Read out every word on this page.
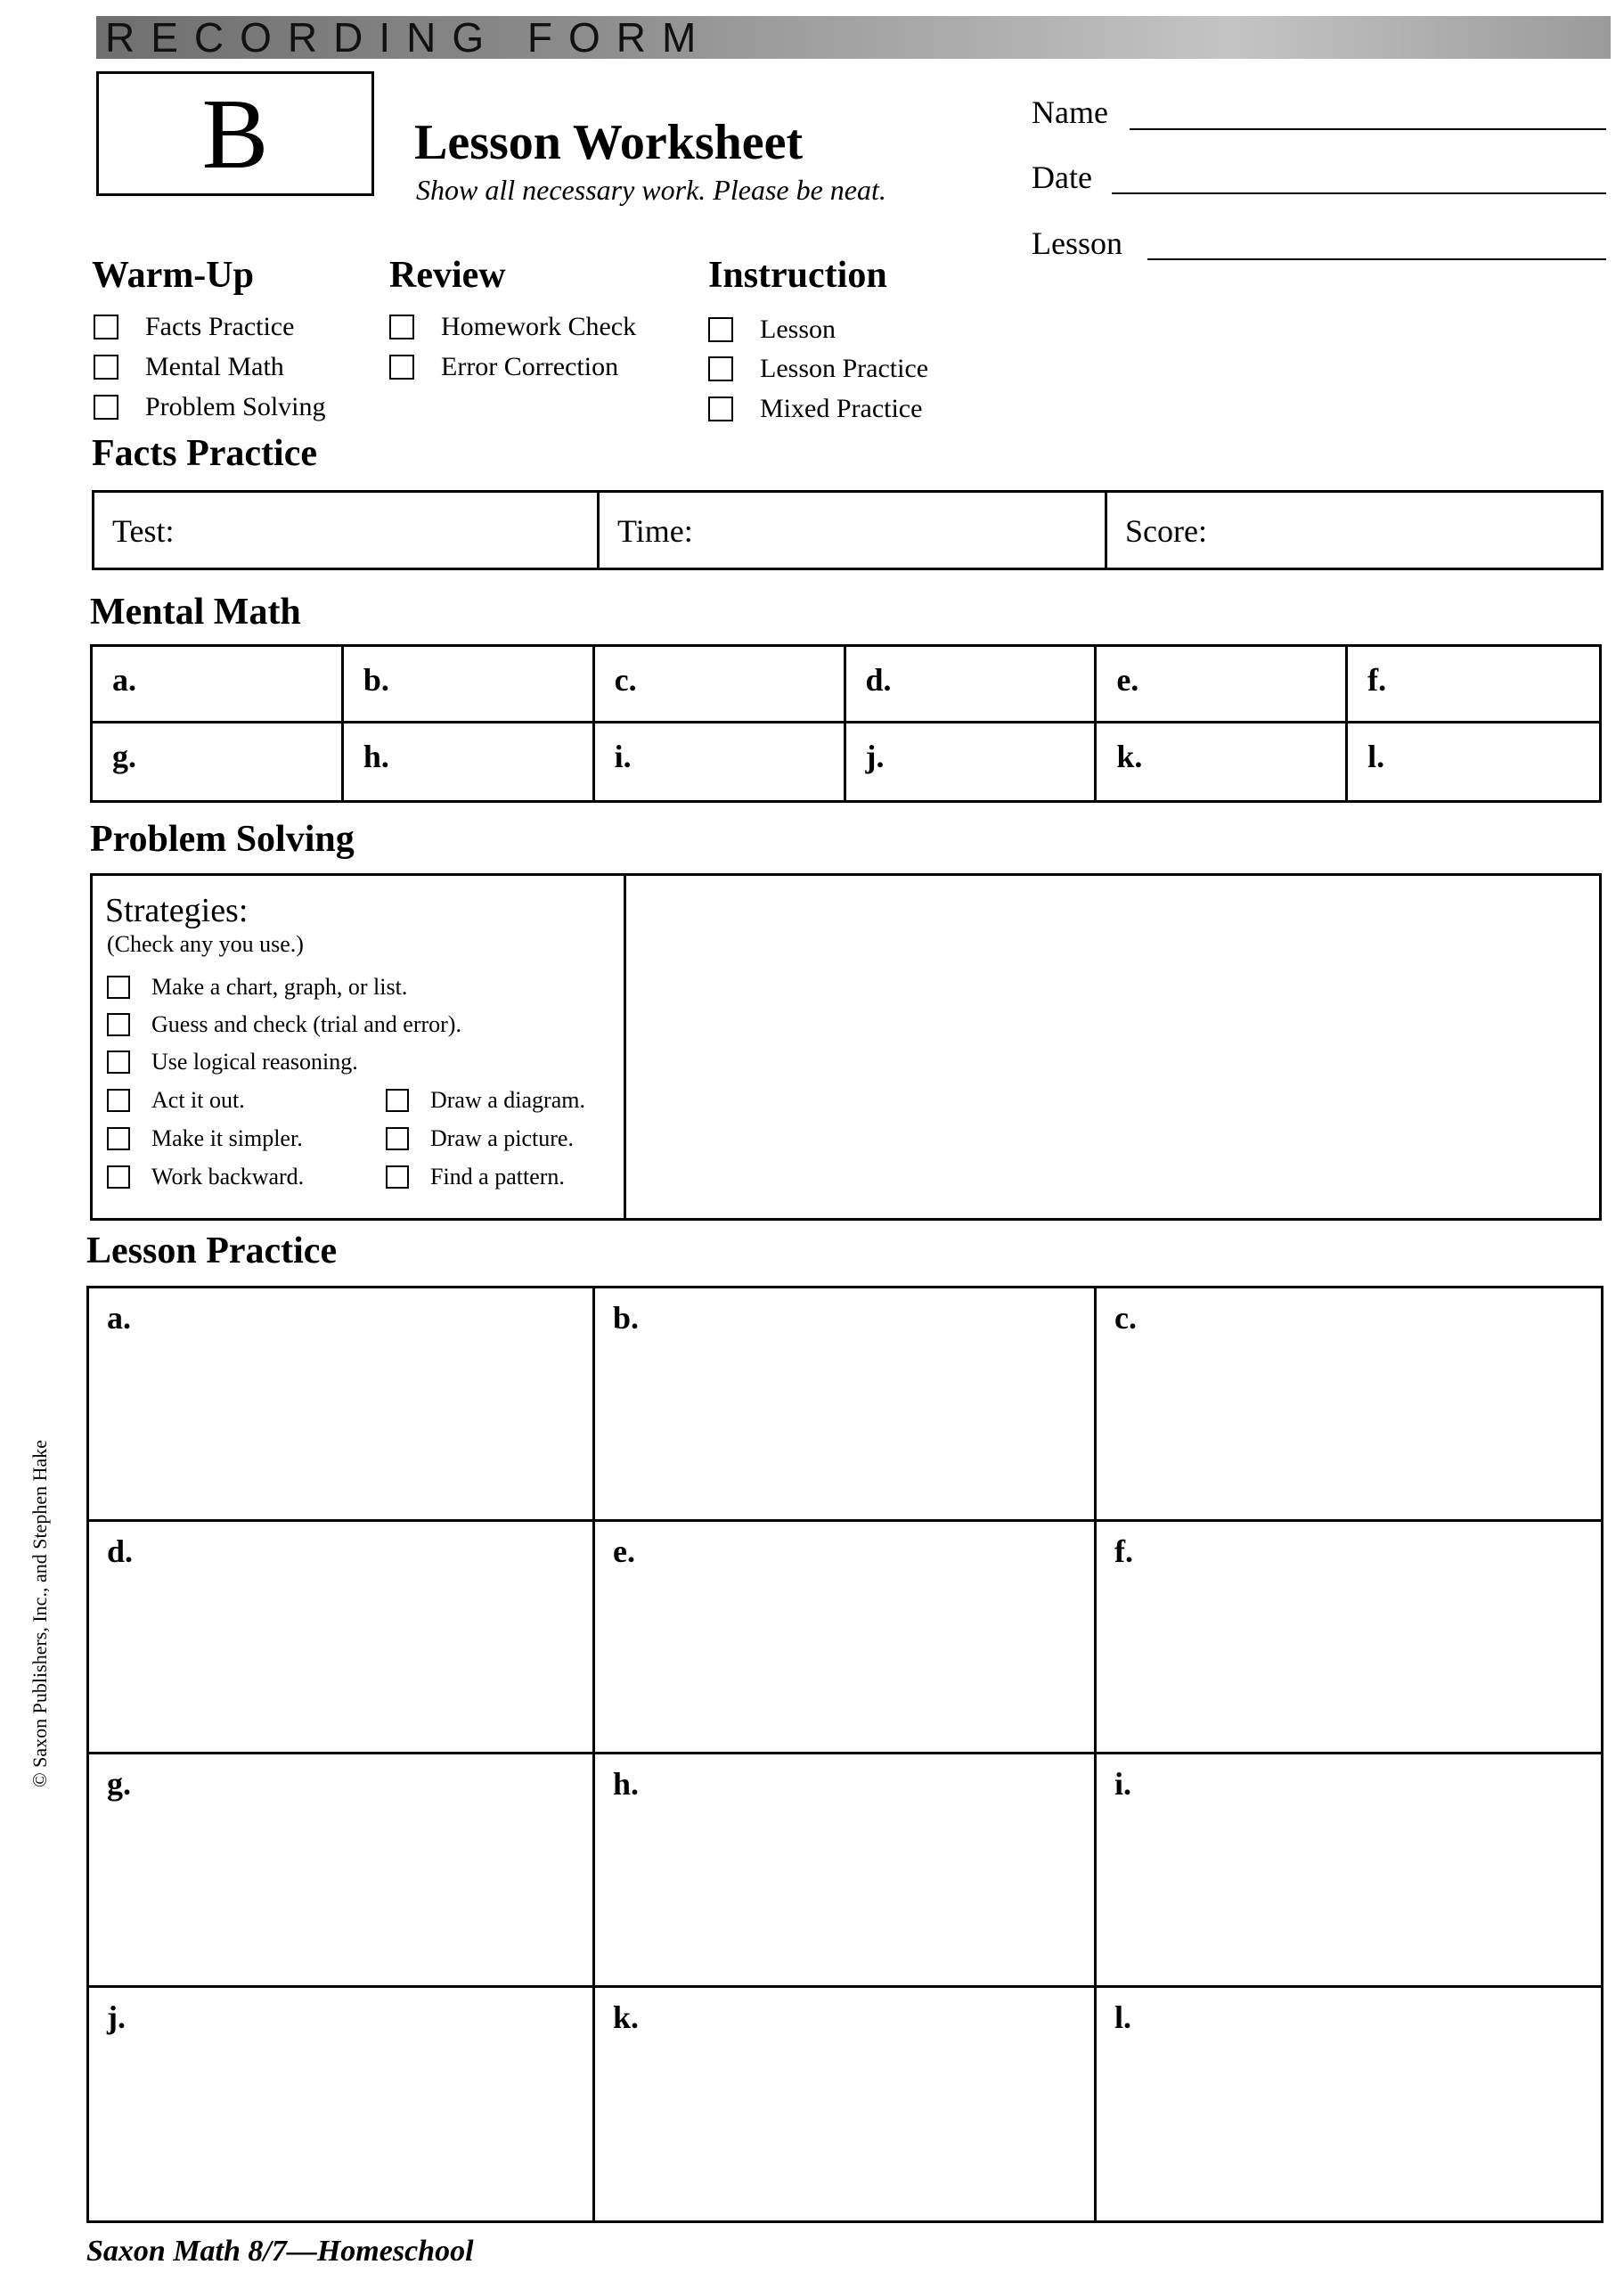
RECORDING FORM
B	Lesson Worksheet
Show all necessary work. Please be neat.
Name
Date
Lesson
Warm-Up
Facts Practice
Mental Math
Problem Solving
Review
Homework Check
Error Correction
Instruction
Lesson
Lesson Practice
Mixed Practice
Facts Practice
Test:	Time:	Score:
Mental Math
a.	b.	c.	d.	e.	f.
g.	h.	i.	j.	k.	l.
Problem Solving
Strategies:
(Check any you use.)
Make a chart, graph, or list.
Guess and check (trial and error).
Use logical reasoning.
Act it out.
Make it simpler.
Work backward.
Draw a diagram.
Draw a picture.
Find a pattern.
Lesson Practice
a.	b.	c.
d.	e.	f.
g.	h.	i.
j.	k.	l.
© Saxon Publishers, Inc., and Stephen Hake
Saxon Math 8/7—Homeschool
